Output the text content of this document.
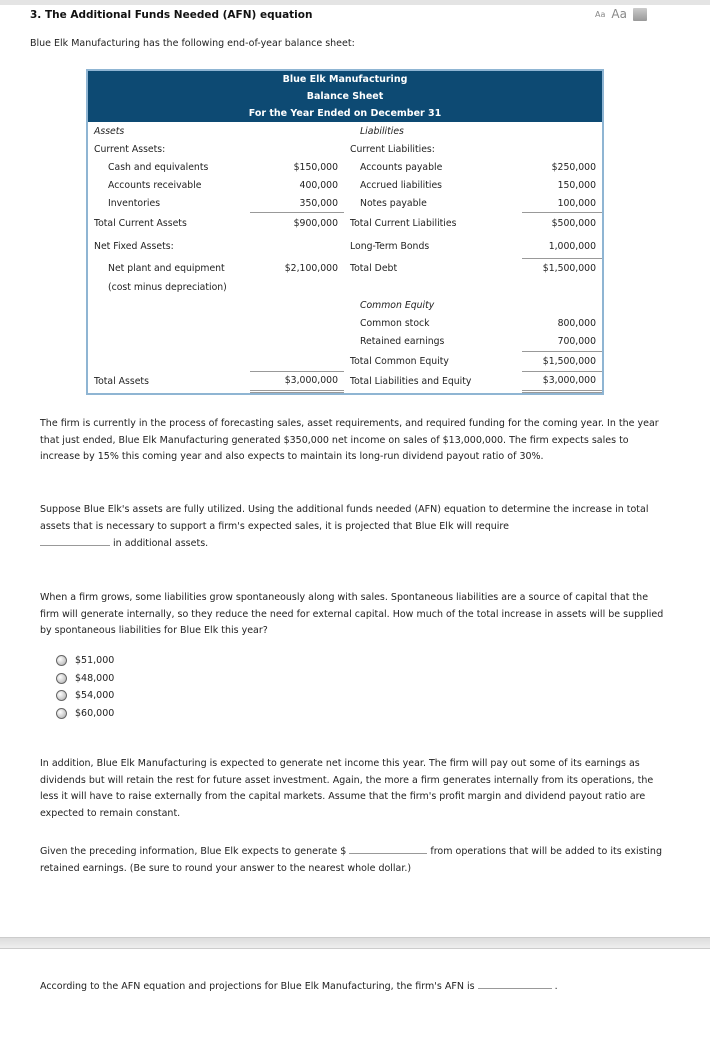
3. The Additional Funds Needed (AFN) equation	Aa Aa
Blue Elk Manufacturing has the following end-of-year balance sheet:
Blue Elk Manufacturing			
Balance Sheet			
For the Year Ended on December 31			
Assets		Liabilities	
Current Assets:		Current Liabilities:	
Cash and equivalents	$150,000	Accounts payable	$250,000
Accounts receivable	400,000	Accrued liabilities	150,000
Inventories	350,000	Notes payable	100,000
Total Current Assets	$900,000	Total Current Liabilities	$500,000
Net Fixed Assets:		Long-Term Bonds	1,000,000
Net plant and equipment	$2,100,000	Total Debt	$1,500,000
(cost minus depreciation)			
		Common Equity	
		Common stock	800,000
		Retained earnings	700,000
		Total Common Equity	$1,500,000
Total Assets	$3,000,000	Total Liabilities and Equity	$3,000,000
The firm is currently in the process of forecasting sales, asset requirements, and required funding for the coming year. In the year that just ended, Blue Elk Manufacturing generated $350,000 net income on sales of $13,000,000. The firm expects sales to increase by 15% this coming year and also expects to maintain its long-run dividend payout ratio of 30%.
Suppose Blue Elk's assets are fully utilized. Using the additional funds needed (AFN) equation to determine the increase in total assets that is necessary to support a firm's expected sales, it is projected that Blue Elk will require
in additional assets.
When a firm grows, some liabilities grow spontaneously along with sales. Spontaneous liabilities are a source of capital that the firm will generate internally, so they reduce the need for external capital. How much of the total increase in assets will be supplied by spontaneous liabilities for Blue Elk this year?
$51,000
$48,000
$54,000
$60,000
In addition, Blue Elk Manufacturing is expected to generate net income this year. The firm will pay out some of its earnings as dividends but will retain the rest for future asset investment. Again, the more a firm generates internally from its operations, the less it will have to raise externally from the capital markets. Assume that the firm's profit margin and dividend payout ratio are expected to remain constant.
Given the preceding information, Blue Elk expects to generate $	from operations that will be added to its existing retained earnings. (Be sure to round your answer to the nearest whole dollar.)
According to the AFN equation and projections for Blue Elk Manufacturing, the firm's AFN is	.
